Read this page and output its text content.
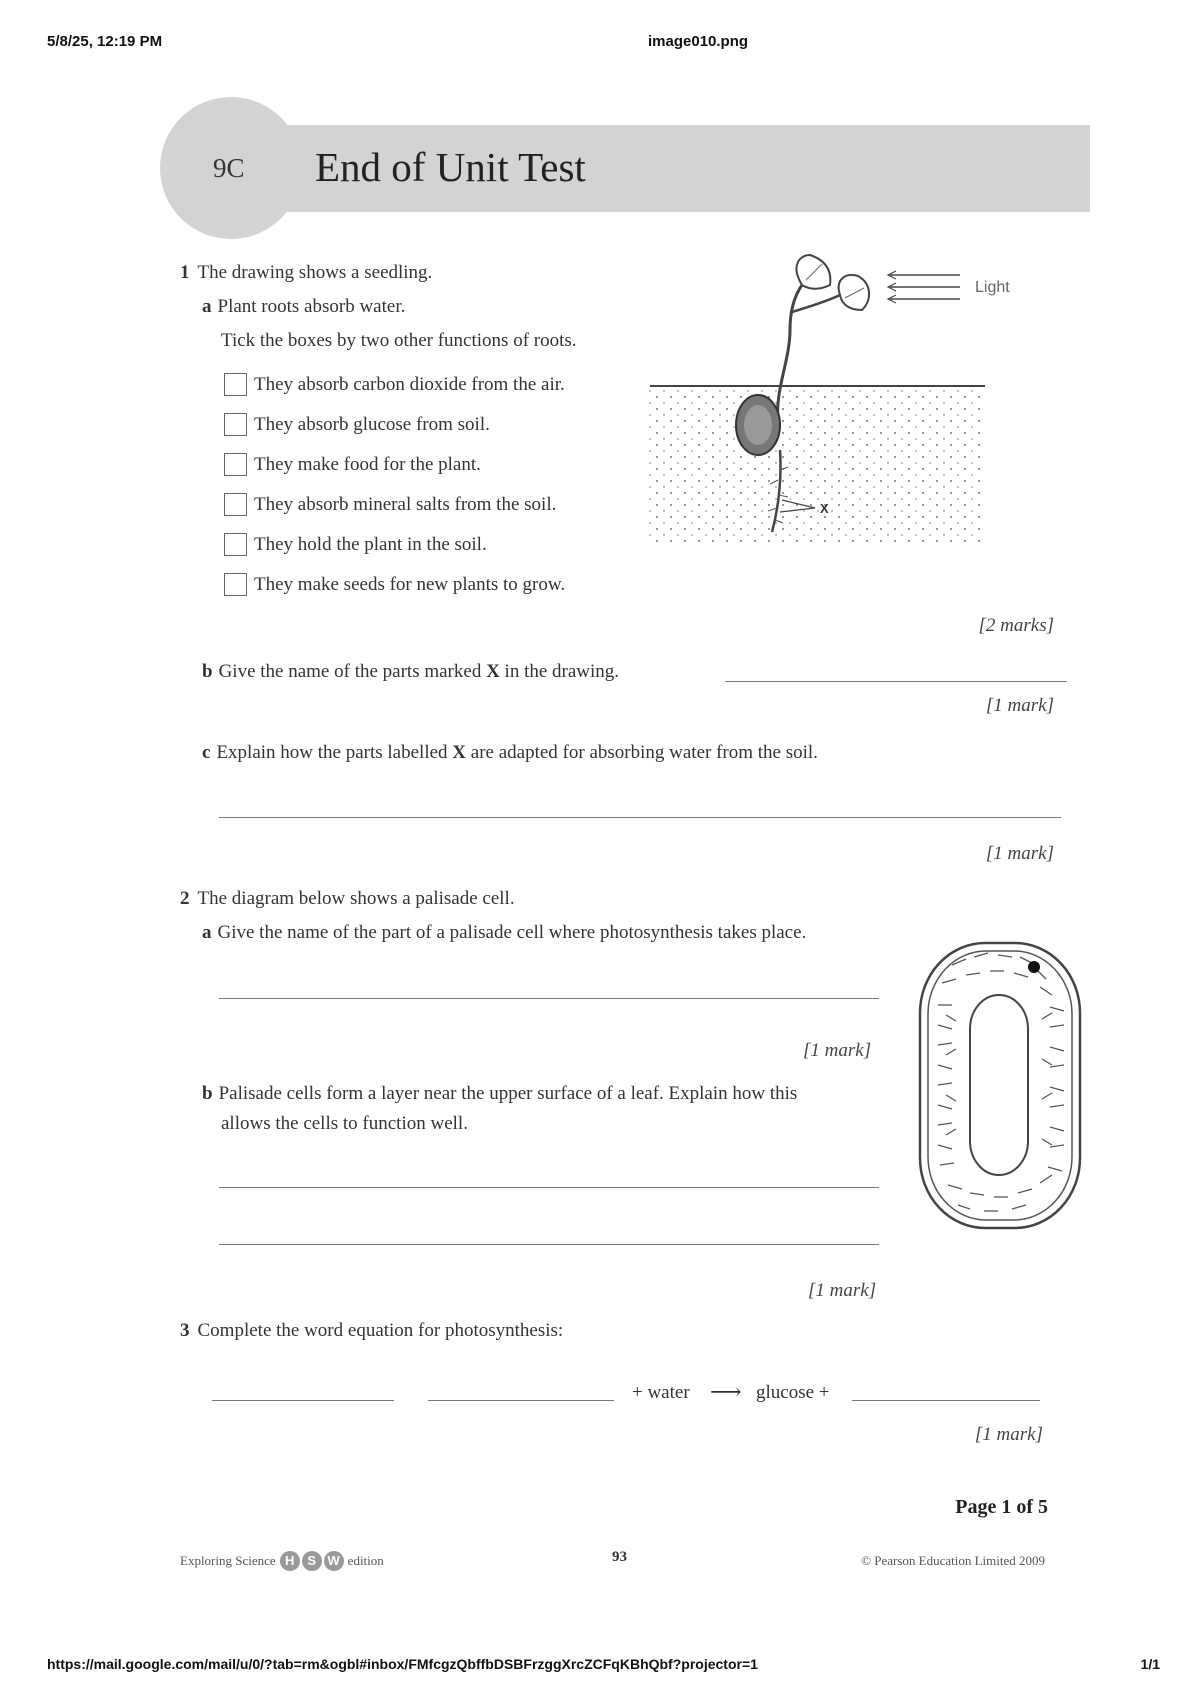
5/8/25, 12:19 PM	image010.png
9C End of Unit Test
1 The drawing shows a seedling.
a Plant roots absorb water.
Tick the boxes by two other functions of roots.
They absorb carbon dioxide from the air.
They absorb glucose from soil.
They make food for the plant.
They absorb mineral salts from the soil.
They hold the plant in the soil.
They make seeds for new plants to grow.
X
Light
[2 marks]
b Give the name of the parts marked X in the drawing.
[1 mark]
c Explain how the parts labelled X are adapted for absorbing water from the soil.
[1 mark]
2 The diagram below shows a palisade cell.
a Give the name of the part of a palisade cell where photosynthesis takes place.
[1 mark]
b Palisade cells form a layer near the upper surface of a leaf. Explain how this
allows the cells to function well.
[1 mark]
3 Complete the word equation for photosynthesis:
+ water ⟶ glucose +
[1 mark]
Page 1 of 5
Exploring Science H S W edition	93	© Pearson Education Limited 2009
https://mail.google.com/mail/u/0/?tab=rm&ogbl#inbox/FMfcgzQbffbDSBFrzggXrcZCFqKBhQbf?projector=1	1/1
